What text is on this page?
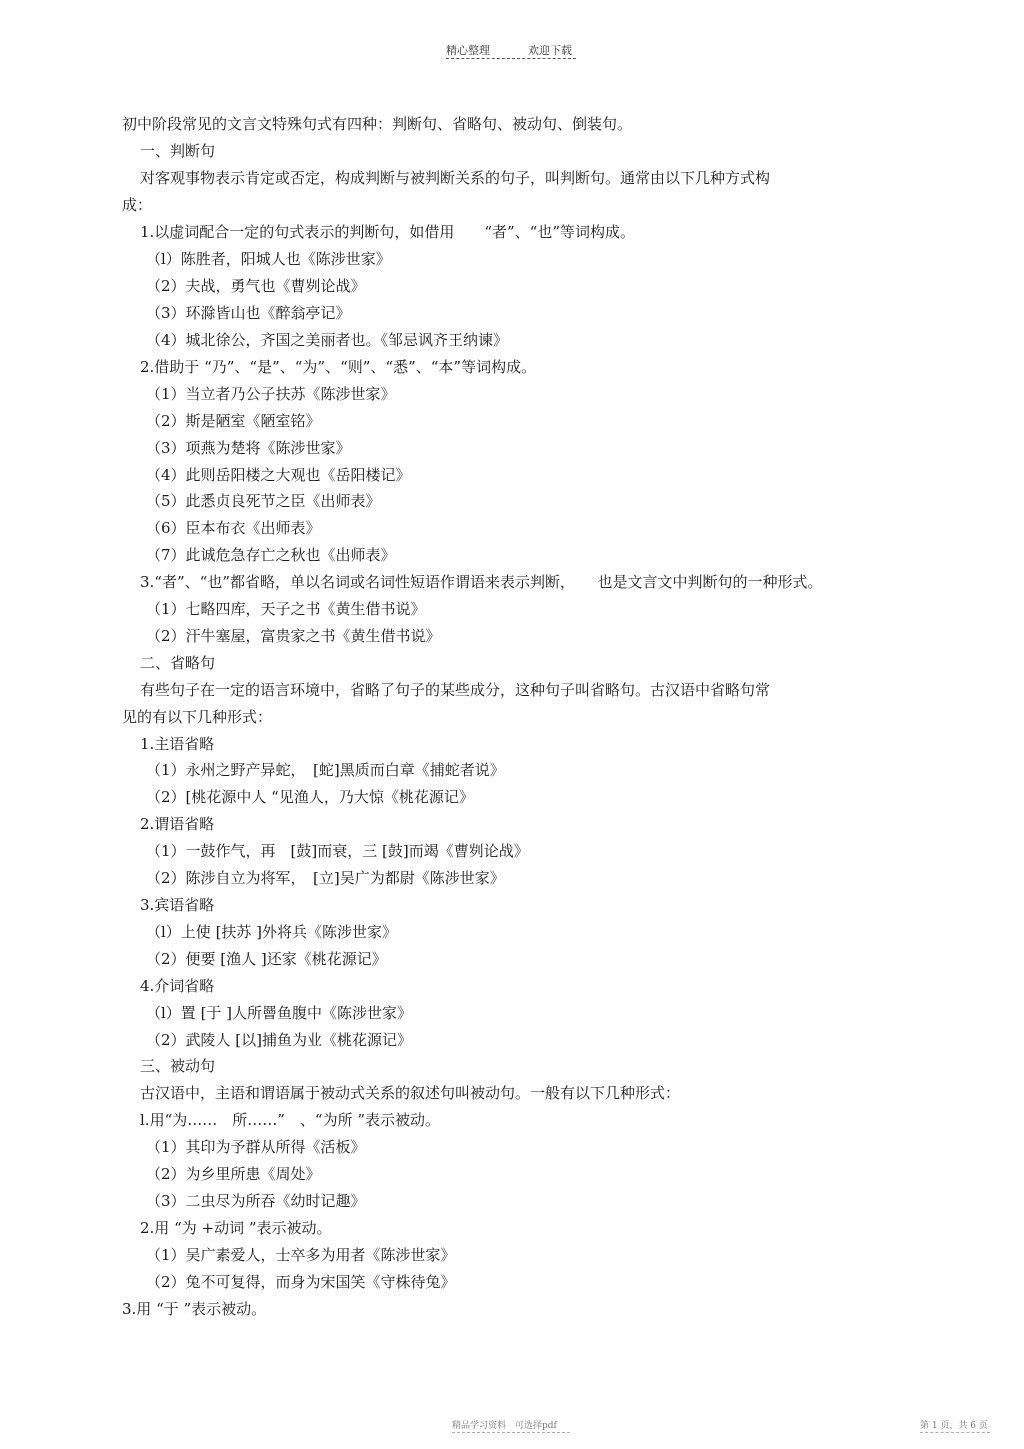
精心整理	欢迎下载
初中阶段常见的文言文特殊句式有四种：判断句、省略句、被动句、倒装句。
一、判断句
对客观事物表示肯定或否定，构成判断与被判断关系的句子，叫判断句。通常由以下几种方式构
成：
1.以虚词配合一定的句式表示的判断句，如借用　　“者”、“也”等词构成。
（l）陈胜者，阳城人也《陈涉世家》
（2）夫战，勇气也《曹刿论战》
（3）环滁皆山也《醉翁亭记》
（4）城北徐公，齐国之美丽者也。《邹忌讽齐王纳谏》
2.借助于 “乃”、“是”、“为”、“则”、“悉”、“本”等词构成。
（1）当立者乃公子扶苏《陈涉世家》
（2）斯是陋室《陋室铭》
（3）项燕为楚将《陈涉世家》
（4）此则岳阳楼之大观也《岳阳楼记》
（5）此悉贞良死节之臣《出师表》
（6）臣本布衣《出师表》
（7）此诚危急存亡之秋也《出师表》
3.“者”、“也”都省略，单以名词或名词性短语作谓语来表示判断，　　也是文言文中判断句的一种形式。
（1）七略四库，天子之书《黄生借书说》
（2）汗牛塞屋，富贵家之书《黄生借书说》
二、省略句
有些句子在一定的语言环境中，省略了句子的某些成分，这种句子叫省略句。古汉语中省略句常
见的有以下几种形式：
1.主语省略
（1）永州之野产异蛇，　[蛇]黑质而白章《捕蛇者说》
（2）[桃花源中人 “见渔人，乃大惊《桃花源记》
2.谓语省略
（1）一鼓作气，再　[鼓]而衰，三 [鼓]而竭《曹刿论战》
（2）陈涉自立为将军，　[立]吴广为都尉《陈涉世家》
3.宾语省略
（l）上使 [扶苏 ]外将兵《陈涉世家》
（2）便要 [渔人 ]还家《桃花源记》
4.介词省略
（l）置 [于 ]人所罾鱼腹中《陈涉世家》
（2）武陵人 [以]捕鱼为业《桃花源记》
三、被动句
古汉语中，主语和谓语属于被动式关系的叙述句叫被动句。一般有以下几种形式：
l.用“为……　所……”　、“为所 ”表示被动。
（1）其印为予群从所得《活板》
（2）为乡里所患《周处》
（3）二虫尽为所吞《幼时记趣》
2.用 “为 +动词 ”表示被动。
（1）吴广素爱人，士卒多为用者《陈涉世家》
（2）兔不可复得，而身为宋国笑《守株待兔》
3.用 “于 ”表示被动。
精品学习资料　可选择pdf	第 1 页，共 6 页
